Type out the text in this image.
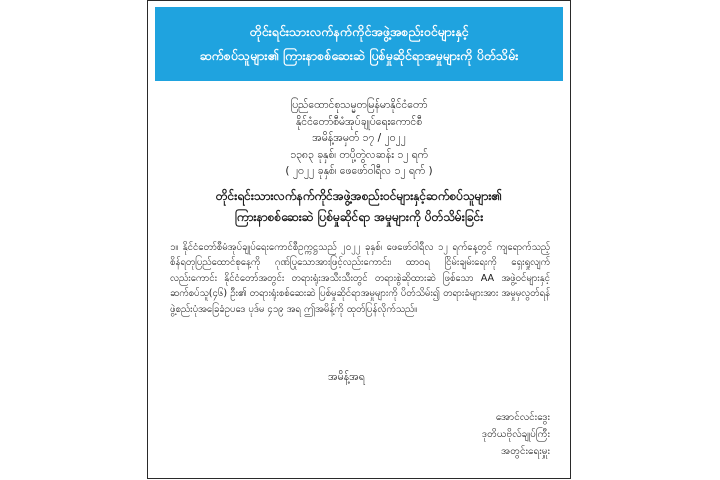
တိုင်းရင်းသားလက်နက်ကိုင်အဖွဲ့အစည်းဝင်များနှင့်
ဆက်စပ်သူများ၏ ကြားနာစစ်ဆေးဆဲ ပြစ်မှုဆိုင်ရာအမှုများကို ပိတ်သိမ်း
ပြည်ထောင်စုသမ္မတမြန်မာနိုင်ငံတော်
နိုင်ငံတော်စီမံအုပ်ချုပ်ရေးကောင်စီ
အမိန့်အမှတ် ၁၇ / ၂၀၂၂
၁၃၈၃ ခုနှစ်၊ တပို့တွဲလဆန်း ၁၂ ရက်
( ၂၀၂၂ ခုနှစ်၊ ဖေဖော်ဝါရီလ ၁၂ ရက် )
တိုင်းရင်းသားလက်နက်ကိုင်အဖွဲ့အစည်းဝင်များနှင့်ဆက်စပ်သူများ၏
ကြားနာစစ်ဆေးဆဲ ပြစ်မှုဆိုင်ရာ အမှုများကို ပိတ်သိမ်းခြင်း
၁။ နိုင်ငံတော်စီမံအုပ်ချုပ်ရေးကောင်စီဥက္ကဋ္ဌသည် ၂၀၂၂ ခုနှစ်၊ ဖေဖော်ဝါရီလ ၁၂ ရက်နေ့တွင် ကျရောက်သည့် စိန်ရတုပြည်ထောင်စုနေ့ကို ဂုဏ်ပြုသောအားဖြင့်လည်းကောင်း၊ ထာဝရ ငြိမ်းချမ်းရေးကို ရှေးရှုလျက်လည်းကောင်း နိုင်ငံတော်အတွင်း တရားရုံးအသီးသီးတွင် တရားစွဲဆိုထားဆဲ ဖြစ်သော AA အဖွဲ့ဝင်များနှင့်ဆက်စပ်သူ(၄၆) ဦး၏ တရားရုံးစစ်ဆေးဆဲ ပြစ်မှုဆိုင်ရာအမှုများကို ပိတ်သိမ်း၍ တရားခံများအား အမှုမှလွတ်ရန် ဖွဲ့စည်းပုံအခြေခံဥပဒေ ပုဒ်မ ၄၁၉ အရ ဤအမိန့်ကို ထုတ်ပြန်လိုက်သည်။
အမိန့်အရ
အောင်လင်းဒွေး
ဒုတိယဗိုလ်ချုပ်ကြီး
အတွင်းရေးမှူး
